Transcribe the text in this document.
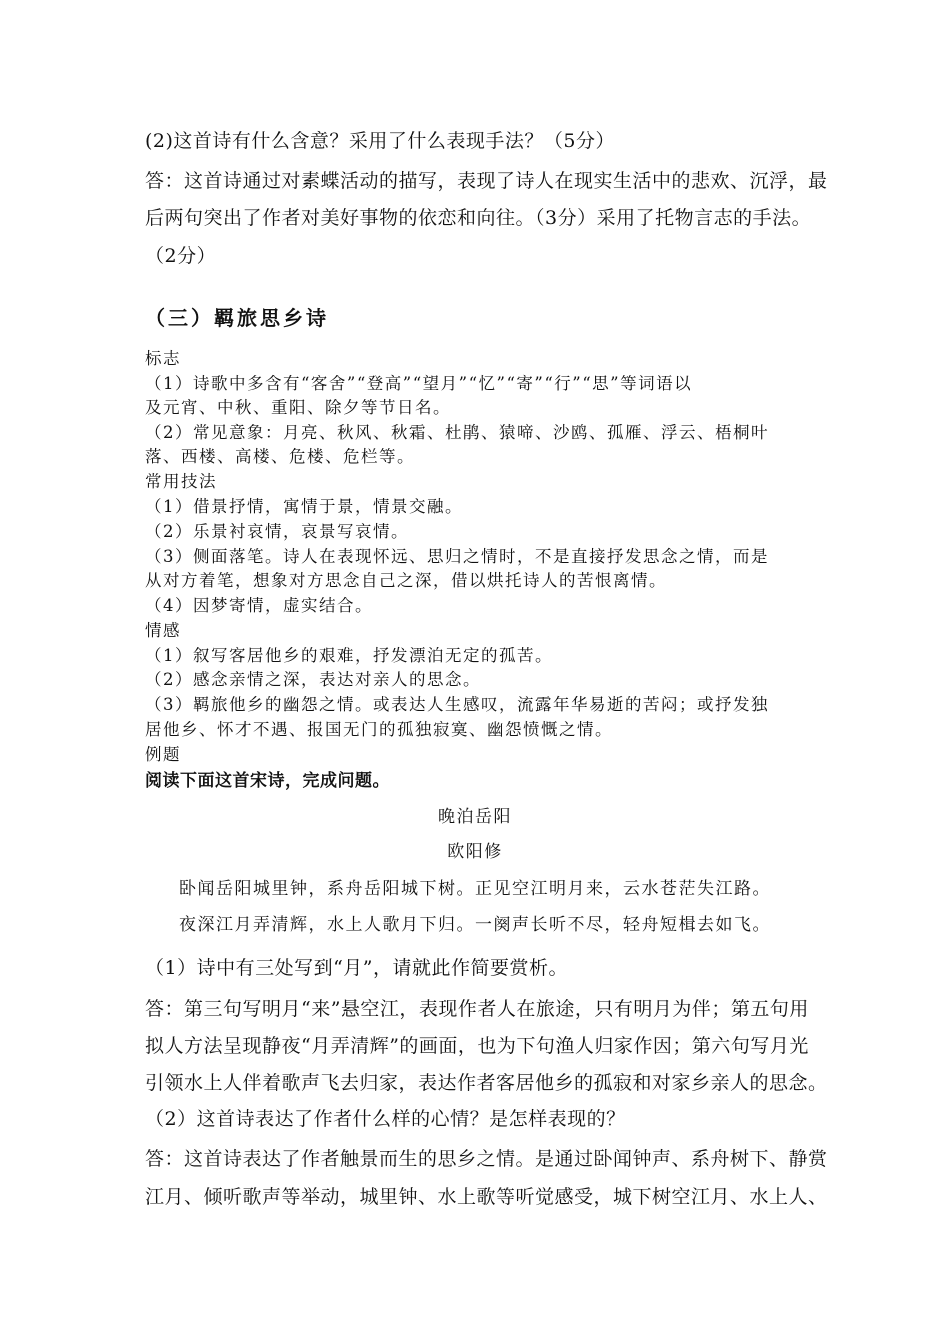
(2)这首诗有什么含意？采用了什么表现手法？（5分）
答：这首诗通过对素蝶活动的描写，表现了诗人在现实生活中的悲欢、沉浮，最
后两句突出了作者对美好事物的依恋和向往。（3分）采用了托物言志的手法。
（2分）
（三）羁旅思乡诗
标志
（1）诗歌中多含有“客舍”“登高”“望月”“忆”“寄”“行”“思”等词语以
及元宵、中秋、重阳、除夕等节日名。
（2）常见意象：月亮、秋风、秋霜、杜鹃、猿啼、沙鸥、孤雁、浮云、梧桐叶
落、西楼、高楼、危楼、危栏等。
常用技法
（1）借景抒情，寓情于景，情景交融。
（2）乐景衬哀情，哀景写哀情。
（3）侧面落笔。诗人在表现怀远、思归之情时，不是直接抒发思念之情，而是
从对方着笔，想象对方思念自己之深，借以烘托诗人的苦恨离情。
（4）因梦寄情，虚实结合。
情感
（1）叙写客居他乡的艰难，抒发漂泊无定的孤苦。
（2）感念亲情之深，表达对亲人的思念。
（3）羁旅他乡的幽怨之情。或表达人生感叹，流露年华易逝的苦闷；或抒发独
居他乡、怀才不遇、报国无门的孤独寂寞、幽怨愤慨之情。
例题
阅读下面这首宋诗，完成问题。
晚泊岳阳
欧阳修
卧闻岳阳城里钟，系舟岳阳城下树。正见空江明月来，云水苍茫失江路。
夜深江月弄清辉，水上人歌月下归。一阕声长听不尽，轻舟短楫去如飞。
（1）诗中有三处写到“月”，请就此作简要赏析。
答：第三句写明月“来”悬空江，表现作者人在旅途，只有明月为伴；第五句用
拟人方法呈现静夜“月弄清辉”的画面，也为下句渔人归家作因；第六句写月光
引领水上人伴着歌声飞去归家，表达作者客居他乡的孤寂和对家乡亲人的思念。
（2）这首诗表达了作者什么样的心情？是怎样表现的？
答：这首诗表达了作者触景而生的思乡之情。是通过卧闻钟声、系舟树下、静赏
江月、倾听歌声等举动，城里钟、水上歌等听觉感受，城下树空江月、水上人、
